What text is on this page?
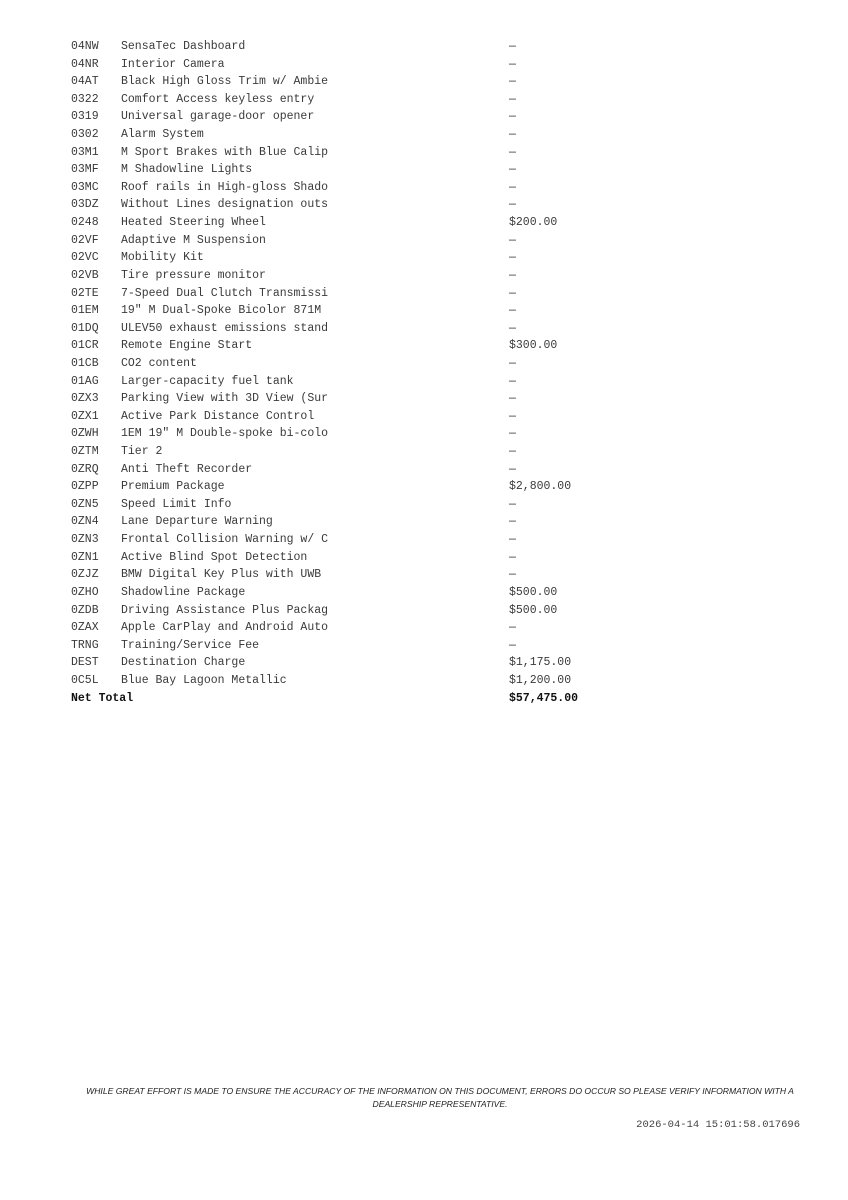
04NW SensaTec Dashboard	—
04NR Interior Camera	—
04AT Black High Gloss Trim w/ Ambie	—
0322 Comfort Access keyless entry	—
0319 Universal garage-door opener	—
0302 Alarm System	—
03M1 M Sport Brakes with Blue Calip	—
03MF M Shadowline Lights	—
03MC Roof rails in High-gloss Shado	—
03DZ Without Lines designation outs	—
0248 Heated Steering Wheel	$200.00
02VF Adaptive M Suspension	—
02VC Mobility Kit	—
02VB Tire pressure monitor	—
02TE 7-Speed Dual Clutch Transmissi	—
01EM 19" M Dual-Spoke Bicolor 871M	—
01DQ ULEV50 exhaust emissions stand	—
01CR Remote Engine Start	$300.00
01CB CO2 content	—
01AG Larger-capacity fuel tank	—
0ZX3 Parking View with 3D View (Sur	—
0ZX1 Active Park Distance Control	—
0ZWH 1EM 19" M Double-spoke bi-colo	—
0ZTM Tier 2	—
0ZRQ Anti Theft Recorder	—
0ZPP Premium Package	$2,800.00
0ZN5 Speed Limit Info	—
0ZN4 Lane Departure Warning	—
0ZN3 Frontal Collision Warning w/ C	—
0ZN1 Active Blind Spot Detection	—
0ZJZ BMW Digital Key Plus with UWB	—
0ZHO Shadowline Package	$500.00
0ZDB Driving Assistance Plus Packag	$500.00
0ZAX Apple CarPlay and Android Auto	—
TRNG Training/Service Fee	—
DEST Destination Charge	$1,175.00
0C5L Blue Bay Lagoon Metallic	$1,200.00
Net Total	$57,475.00
WHILE GREAT EFFORT IS MADE TO ENSURE THE ACCURACY OF THE INFORMATION ON THIS DOCUMENT, ERRORS DO OCCUR SO PLEASE VERIFY INFORMATION WITH A
DEALERSHIP REPRESENTATIVE.
2026-04-14 15:01:58.017696
